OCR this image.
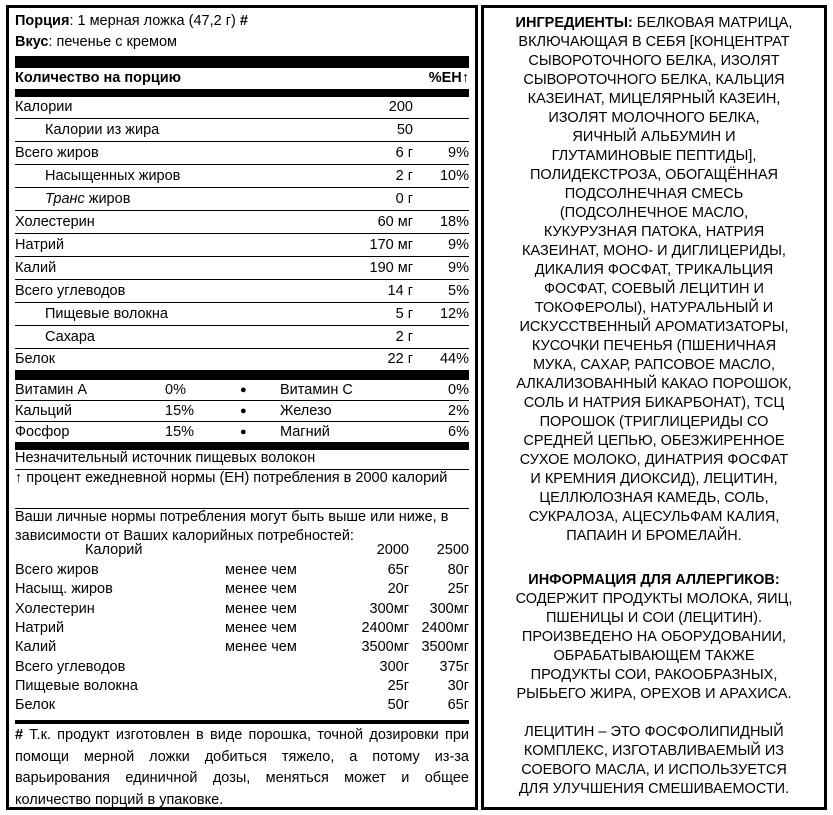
Порция: 1 мерная ложка (47,2 г) #
Вкус: печенье с кремом
Количество на порцию	%ЕН↑
Калории	200
Калории из жира	50
Всего жиров	6 г	9%
Насыщенных жиров	2 г	10%
Транс жиров	0 г
Холестерин	60 мг	18%
Натрий	170 мг	9%
Калий	190 мг	9%
Всего углеводов	14 г	5%
Пищевые волокна	5 г	12%
Сахара	2 г
Белок	22 г	44%
Витамин А	0%	● Витамин С	0%
Кальций	15%	● Железо	2%
Фосфор	15%	● Магний	6%
Незначительный источник пищевых волокон
↑ процент ежедневной нормы (ЕН) потребления в 2000 калорий
Ваши личные нормы потребления могут быть выше или ниже, в зависимости от Ваших калорийных потребностей:
Калорий	2000	2500
Всего жиров	менее чем	65г	80г
Насыщ. жиров	менее чем	20г	25г
Холестерин	менее чем	300мг	300мг
Натрий	менее чем	2400мг 2400мг
Калий	менее чем	3500мг 3500мг
Всего углеводов	300г	375г
Пищевые волокна	25г	30г
Белок	50г	65г
# Т.к. продукт изготовлен в виде порошка, точной дозировки при помощи мерной ложки добиться тяжело, а потому из-за варьирования единичной дозы, меняться может и общее количество порций в упаковке.
ИНГРЕДИЕНТЫ: БЕЛКОВАЯ МАТРИЦА,
ВКЛЮЧАЮЩАЯ В СЕБЯ [КОНЦЕНТРАТ
СЫВОРОТОЧНОГО БЕЛКА, ИЗОЛЯТ
СЫВОРОТОЧНОГО БЕЛКА, КАЛЬЦИЯ
КАЗЕИНАТ, МИЦЕЛЯРНЫЙ КАЗЕИН,
ИЗОЛЯТ МОЛОЧНОГО БЕЛКА,
ЯИЧНЫЙ АЛЬБУМИН И
ГЛУТАМИНОВЫЕ ПЕПТИДЫ],
ПОЛИДЕКСТРОЗА, ОБОГАЩЁННАЯ
ПОДСОЛНЕЧНАЯ СМЕСЬ
(ПОДСОЛНЕЧНОЕ МАСЛО,
КУКУРУЗНАЯ ПАТОКА, НАТРИЯ
КАЗЕИНАТ, МОНО- И ДИГЛИЦЕРИДЫ,
ДИКАЛИЯ ФОСФАТ, ТРИКАЛЬЦИЯ
ФОСФАТ, СОЕВЫЙ ЛЕЦИТИН И
ТОКОФЕРОЛЫ), НАТУРАЛЬНЫЙ И
ИСКУССТВЕННЫЙ АРОМАТИЗАТОРЫ,
КУСОЧКИ ПЕЧЕНЬЯ (ПШЕНИЧНАЯ
МУКА, САХАР, РАПСОВОЕ МАСЛО,
АЛКАЛИЗОВАННЫЙ КАКАО ПОРОШОК,
СОЛЬ И НАТРИЯ БИКАРБОНАТ), ТСЦ
ПОРОШОК (ТРИГЛИЦЕРИДЫ СО
СРЕДНЕЙ ЦЕПЬЮ, ОБЕЗЖИРЕННОЕ
СУХОЕ МОЛОКО, ДИНАТРИЯ ФОСФАТ
И КРЕМНИЯ ДИОКСИД), ЛЕЦИТИН,
ЦЕЛЛЮЛОЗНАЯ КАМЕДЬ, СОЛЬ,
СУКРАЛОЗА, АЦЕСУЛЬФАМ КАЛИЯ,
ПАПАИН И БРОМЕЛАЙН.
ИНФОРМАЦИЯ ДЛЯ АЛЛЕРГИКОВ:
СОДЕРЖИТ ПРОДУКТЫ МОЛОКА, ЯИЦ,
ПШЕНИЦЫ И СОИ (ЛЕЦИТИН).
ПРОИЗВЕДЕНО НА ОБОРУДОВАНИИ,
ОБРАБАТЫВАЮЩЕМ ТАКЖЕ
ПРОДУКТЫ СОИ, РАКООБРАЗНЫХ,
РЫБЬЕГО ЖИРА, ОРЕХОВ И АРАХИСА.
ЛЕЦИТИН – ЭТО ФОСФОЛИПИДНЫЙ
КОМПЛЕКС, ИЗГОТАВЛИВАЕМЫЙ ИЗ
СОЕВОГО МАСЛА, И ИСПОЛЬЗУЕТСЯ
ДЛЯ УЛУЧШЕНИЯ СМЕШИВАЕМОСТИ.
